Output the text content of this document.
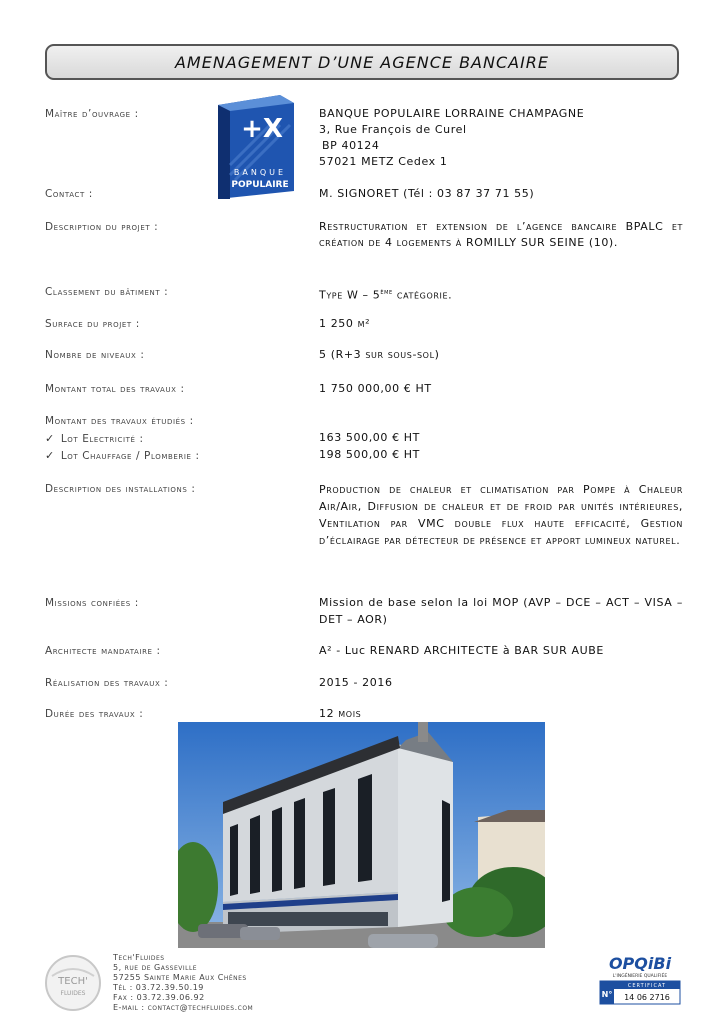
AMENAGEMENT D’UNE AGENCE BANCAIRE
Maître d’ouvrage :	BANQUE POPULAIRE LORRAINE CHAMPAGNE
3, Rue François de Curel
BP 40124
57021 METZ Cedex 1
+X
BANQUE
POPULAIRE
Contact :	M. SIGNORET (Tél : 03 87 37 71 55)
Description du projet :	Restructuration et extension de l’agence bancaire BPALC et création de 4 logements à ROMILLY SUR SEINE (10).
Classement du bâtiment :	Type W – 5ème catégorie.
Surface du projet :	1 250 m²
Nombre de niveaux :	5 (R+3 sur sous-sol)
Montant total des travaux :	1 750 000,00 € HT
Montant des travaux étudiés :
✓ Lot Electricité :	163 500,00 € HT
✓ Lot Chauffage / Plomberie :	198 500,00 € HT
Description des installations :	Production de chaleur et climatisation par Pompe à Chaleur Air/Air, Diffusion de chaleur et de froid par unités intérieures, Ventilation par VMC double flux haute efficacité, Gestion d’éclairage par détecteur de présence et apport lumineux naturel.
Missions confiées :	Mission de base selon la loi MOP (AVP – DCE – ACT – VISA – DET – AOR)
Architecte mandataire :	A² - Luc RENARD ARCHITECTE à BAR SUR AUBE
Réalisation des travaux :	2015 - 2016
Durée des travaux :	12 mois
TECH'
FLUIDES
Tech'Fluides
5, rue de Gasseville
57255 Sainte Marie Aux Chênes
Tél : 03.72.39.50.19
Fax : 03.72.39.06.92
E-mail : contact@techfluides.com
OPQiBi
L'INGÉNIERIE QUALIFIÉE
N°
CERTIFICAT
14 06 2716
